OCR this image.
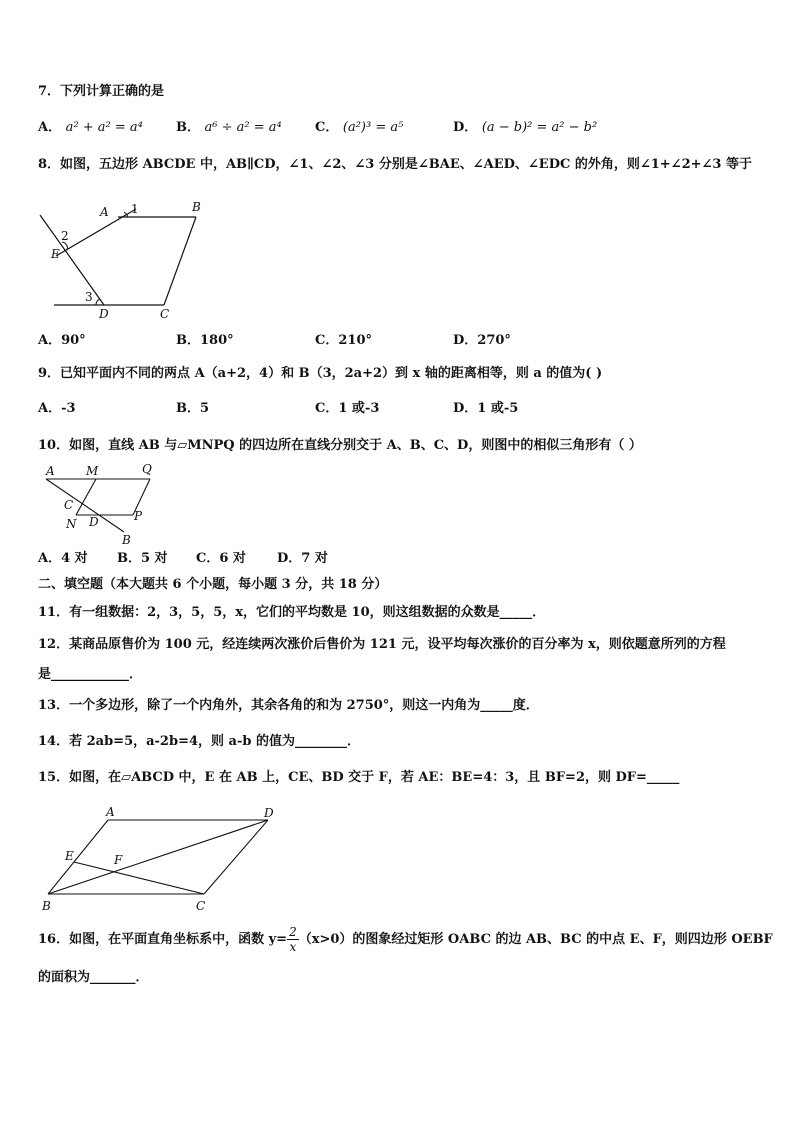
7．下列计算正确的是
A． a² + a² = a⁴	B． a⁶ ÷ a² = a⁴	C． (a²)³ = a⁵	D． (a − b)² = a² − b²
8．如图，五边形 ABCDE 中，AB∥CD，∠1、∠2、∠3 分别是∠BAE、∠AED、∠EDC 的外角，则∠1+∠2+∠3 等于
A 1	B
2
E
3
D	C
A．90°	B．180°	C．210°	D．270°
9．已知平面内不同的两点 A（a+2，4）和 B（3，2a+2）到 x 轴的距离相等，则 a 的值为( )
A．-3	B．5	C．1 或-3	D．1 或-5
10．如图，直线 AB 与▱MNPQ 的四边所在直线分别交于 A、B、C、D，则图中的相似三角形有（ ）
A	M	Q
C
N D	P
B
A．4 对 B．5 对 C．6 对 D．7 对
二、填空题（本大题共 6 个小题，每小题 3 分，共 18 分）
11．有一组数据：2，3，5，5，x，它们的平均数是 10，则这组数据的众数是_____．
12．某商品原售价为 100 元，经连续两次涨价后售价为 121 元，设平均每次涨价的百分率为 x，则依题意所列的方程
是____________．
13．一个多边形，除了一个内角外，其余各角的和为 2750°，则这一内角为_____度．
14．若 2ab=5，a-2b=4，则 a-b 的值为________．
15．如图，在▱ABCD 中，E 在 AB 上，CE、BD 交于 F，若 AE：BE=4：3，且 BF=2，则 DF=_____
A	D
E	F
B	C
16．如图，在平面直角坐标系中，函数 $y= \frac{2}{x} (x>0)$的图象经过矩形 OABC 的边 AB、BC 的中点 E、F，则四边形 OEBF
的面积为_______．
